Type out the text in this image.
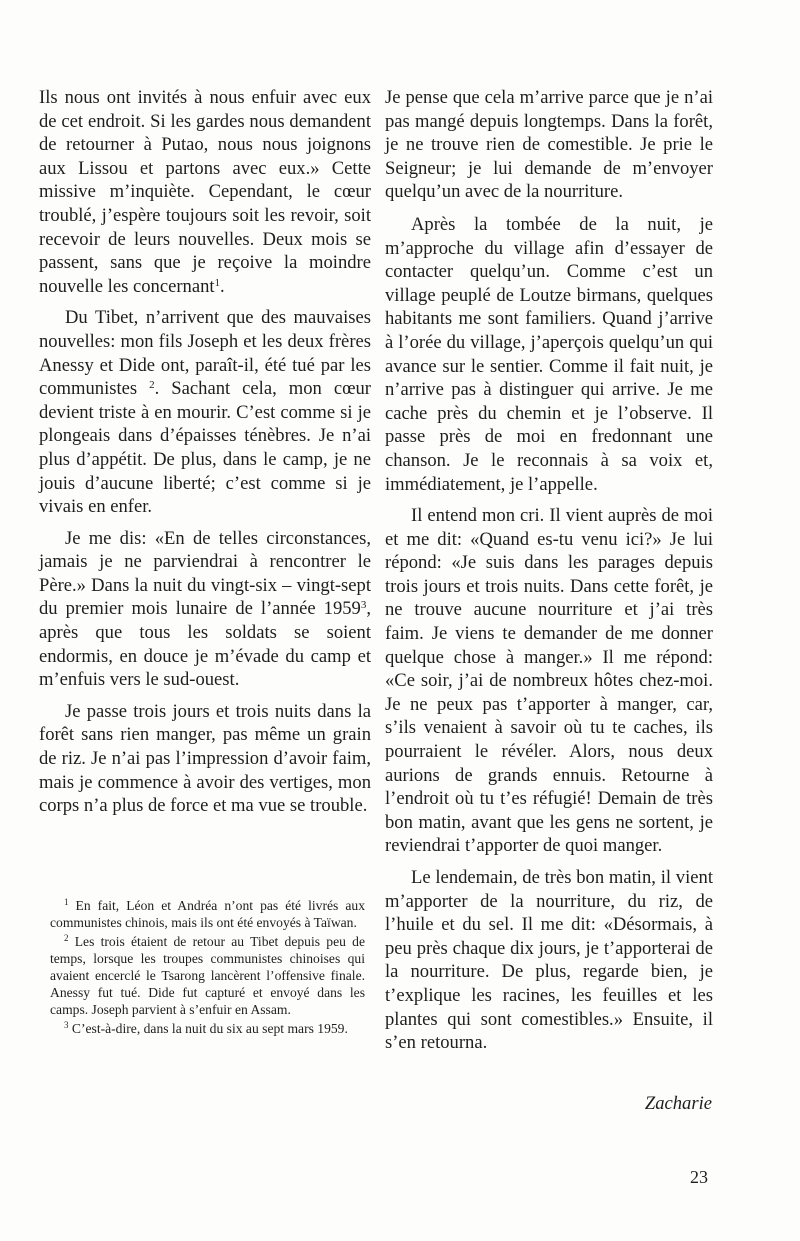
Ils nous ont invités à nous enfuir avec eux de cet endroit. Si les gardes nous demandent de retourner à Putao, nous nous joignons aux Lissou et partons avec eux.» Cette missive m’inquiète. Cependant, le cœur troublé, j’espère toujours soit les revoir, soit recevoir de leurs nouvelles. Deux mois se passent, sans que je reçoive la moindre nouvelle les concernant$^1$.

Du Tibet, n’arrivent que des mauvaises nouvelles: mon fils Joseph et les deux frères Anessy et Dide ont, paraît-il, été tué par les communistes $^2$. Sachant cela, mon cœur devient triste à en mourir. C’est comme si je plongeais dans d’épaisses ténèbres. Je n’ai plus d’appétit. De plus, dans le camp, je ne jouis d’aucune liberté; c’est comme si je vivais en enfer.

Je me dis: «En de telles circonstances, jamais je ne parviendrai à rencontrer le Père.» Dans la nuit du vingt-six – vingt-sept du premier mois lunaire de l’année 1959$^3$, après que tous les soldats se soient endormis, en douce je m’évade du camp et m’enfuis vers le sud-ouest.

Je passe trois jours et trois nuits dans la forêt sans rien manger, pas même un grain de riz. Je n’ai pas l’impression d’avoir faim, mais je commence à avoir des vertiges, mon corps n’a plus de force et ma vue se trouble.

$^1$ En fait, Léon et Andréa n’ont pas été livrés aux communistes chinois, mais ils ont été envoyés à Taïwan.

$^2$ Les trois étaient de retour au Tibet depuis peu de temps, lorsque les troupes communistes chinoises qui avaient encerclé le Tsarong lancèrent l’offensive finale. Anessy fut tué. Dide fut capturé et envoyé dans les camps. Joseph parvient à s’enfuir en Assam.

$^3$ C’est-à-dire, dans la nuit du six au sept mars 1959.

Je pense que cela m’arrive parce que je n’ai pas mangé depuis longtemps. Dans la forêt, je ne trouve rien de comestible. Je prie le Seigneur; je lui demande de m’envoyer quelqu’un avec de la nourriture.

Après la tombée de la nuit, je m’approche du village afin d’essayer de contacter quelqu’un. Comme c’est un village peuplé de Loutze birmans, quelques habitants me sont familiers. Quand j’arrive à l’orée du village, j’aperçois quelqu’un qui avance sur le sentier. Comme il fait nuit, je n’arrive pas à distinguer qui arrive. Je me cache près du chemin et je l’observe. Il passe près de moi en fredonnant une chanson. Je le reconnais à sa voix et, immédiatement, je l’appelle.

Il entend mon cri. Il vient auprès de moi et me dit: «Quand es-tu venu ici?» Je lui répond: «Je suis dans les parages depuis trois jours et trois nuits. Dans cette forêt, je ne trouve aucune nourriture et j’ai très faim. Je viens te demander de me donner quelque chose à manger.» Il me répond: «Ce soir, j’ai de nombreux hôtes chez-moi. Je ne peux pas t’apporter à manger, car, s’ils venaient à savoir où tu te caches, ils pourraient le révéler. Alors, nous deux aurions de grands ennuis. Retourne à l’endroit où tu t’es réfugié! Demain de très bon matin, avant que les gens ne sortent, je reviendrai t’apporter de quoi manger.

Le lendemain, de très bon matin, il vient m’apporter de la nourriture, du riz, de l’huile et du sel. Il me dit: «Désormais, à peu près chaque dix jours, je t’apporterai de la nourriture. De plus, regarde bien, je t’explique les racines, les feuilles et les plantes qui sont comestibles.» Ensuite, il s’en retourna.

Zacharie
23
